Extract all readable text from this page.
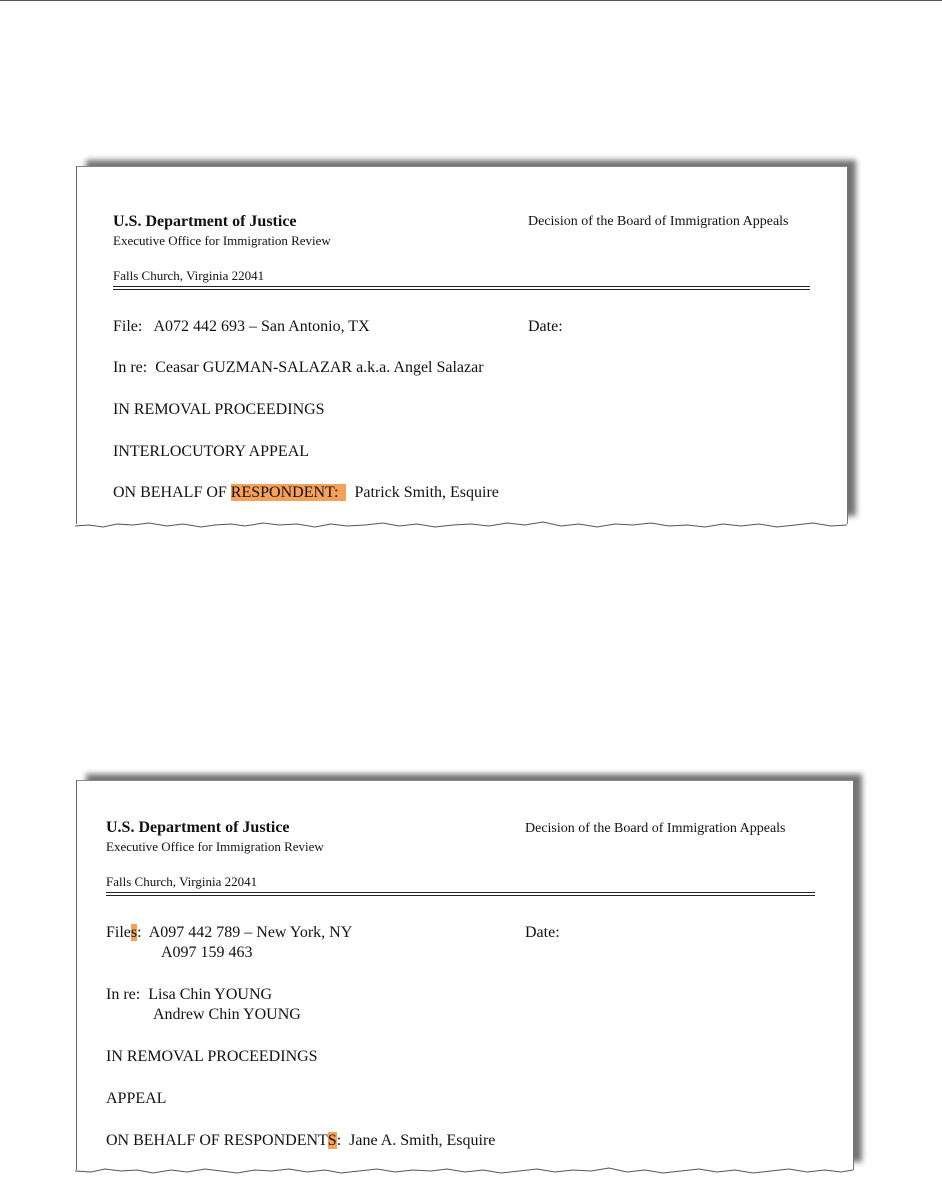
U.S. Department of Justice
Executive Office for Immigration Review
Decision of the Board of Immigration Appeals
Falls Church, Virginia 22041
File: A072 442 693 – San Antonio, TX	Date:
In re: Ceasar GUZMAN-SALAZAR a.k.a. Angel Salazar
IN REMOVAL PROCEEDINGS
INTERLOCUTORY APPEAL
ON BEHALF OF RESPONDENT: Patrick Smith, Esquire
U.S. Department of Justice
Executive Office for Immigration Review
Decision of the Board of Immigration Appeals
Falls Church, Virginia 22041
Files: A097 442 789 – New York, NY
A097 159 463
Date:
In re: Lisa Chin YOUNG
Andrew Chin YOUNG
IN REMOVAL PROCEEDINGS
APPEAL
ON BEHALF OF RESPONDENTS: Jane A. Smith, Esquire
